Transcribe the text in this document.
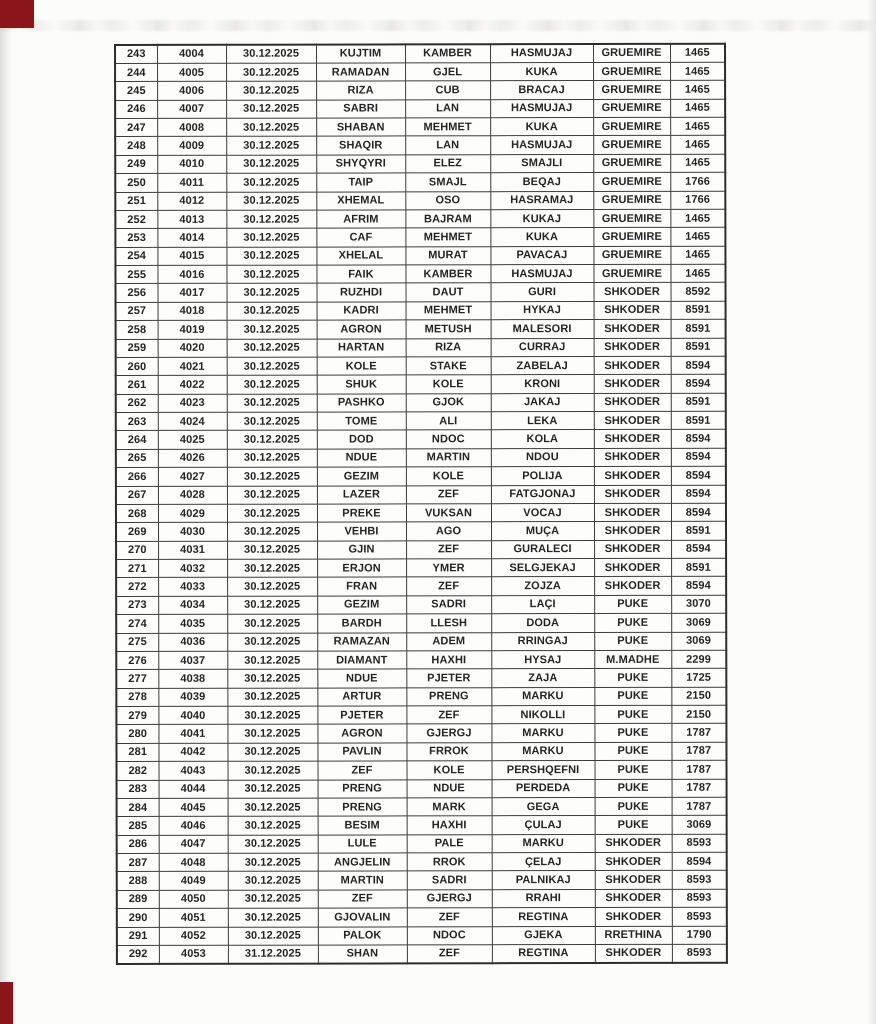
243	4004	30.12.2025	KUJTIM	KAMBER	HASMUJAJ	GRUEMIRE	1465
244	4005	30.12.2025	RAMADAN	GJEL	KUKA	GRUEMIRE	1465
245	4006	30.12.2025	RIZA	CUB	BRACAJ	GRUEMIRE	1465
246	4007	30.12.2025	SABRI	LAN	HASMUJAJ	GRUEMIRE	1465
247	4008	30.12.2025	SHABAN	MEHMET	KUKA	GRUEMIRE	1465
248	4009	30.12.2025	SHAQIR	LAN	HASMUJAJ	GRUEMIRE	1465
249	4010	30.12.2025	SHYQYRI	ELEZ	SMAJLI	GRUEMIRE	1465
250	4011	30.12.2025	TAIP	SMAJL	BEQAJ	GRUEMIRE	1766
251	4012	30.12.2025	XHEMAL	OSO	HASRAMAJ	GRUEMIRE	1766
252	4013	30.12.2025	AFRIM	BAJRAM	KUKAJ	GRUEMIRE	1465
253	4014	30.12.2025	CAF	MEHMET	KUKA	GRUEMIRE	1465
254	4015	30.12.2025	XHELAL	MURAT	PAVACAJ	GRUEMIRE	1465
255	4016	30.12.2025	FAIK	KAMBER	HASMUJAJ	GRUEMIRE	1465
256	4017	30.12.2025	RUZHDI	DAUT	GURI	SHKODER	8592
257	4018	30.12.2025	KADRI	MEHMET	HYKAJ	SHKODER	8591
258	4019	30.12.2025	AGRON	METUSH	MALESORI	SHKODER	8591
259	4020	30.12.2025	HARTAN	RIZA	CURRAJ	SHKODER	8591
260	4021	30.12.2025	KOLE	STAKE	ZABELAJ	SHKODER	8594
261	4022	30.12.2025	SHUK	KOLE	KRONI	SHKODER	8594
262	4023	30.12.2025	PASHKO	GJOK	JAKAJ	SHKODER	8591
263	4024	30.12.2025	TOME	ALI	LEKA	SHKODER	8591
264	4025	30.12.2025	DOD	NDOC	KOLA	SHKODER	8594
265	4026	30.12.2025	NDUE	MARTIN	NDOU	SHKODER	8594
266	4027	30.12.2025	GEZIM	KOLE	POLIJA	SHKODER	8594
267	4028	30.12.2025	LAZER	ZEF	FATGJONAJ	SHKODER	8594
268	4029	30.12.2025	PREKE	VUKSAN	VOCAJ	SHKODER	8594
269	4030	30.12.2025	VEHBI	AGO	MUÇA	SHKODER	8591
270	4031	30.12.2025	GJIN	ZEF	GURALECI	SHKODER	8594
271	4032	30.12.2025	ERJON	YMER	SELGJEKAJ	SHKODER	8591
272	4033	30.12.2025	FRAN	ZEF	ZOJZA	SHKODER	8594
273	4034	30.12.2025	GEZIM	SADRI	LAÇI	PUKE	3070
274	4035	30.12.2025	BARDH	LLESH	DODA	PUKE	3069
275	4036	30.12.2025	RAMAZAN	ADEM	RRINGAJ	PUKE	3069
276	4037	30.12.2025	DIAMANT	HAXHI	HYSAJ	M.MADHE	2299
277	4038	30.12.2025	NDUE	PJETER	ZAJA	PUKE	1725
278	4039	30.12.2025	ARTUR	PRENG	MARKU	PUKE	2150
279	4040	30.12.2025	PJETER	ZEF	NIKOLLI	PUKE	2150
280	4041	30.12.2025	AGRON	GJERGJ	MARKU	PUKE	1787
281	4042	30.12.2025	PAVLIN	FRROK	MARKU	PUKE	1787
282	4043	30.12.2025	ZEF	KOLE	PERSHQEFNI	PUKE	1787
283	4044	30.12.2025	PRENG	NDUE	PERDEDA	PUKE	1787
284	4045	30.12.2025	PRENG	MARK	GEGA	PUKE	1787
285	4046	30.12.2025	BESIM	HAXHI	ÇULAJ	PUKE	3069
286	4047	30.12.2025	LULE	PALE	MARKU	SHKODER	8593
287	4048	30.12.2025	ANGJELIN	RROK	ÇELAJ	SHKODER	8594
288	4049	30.12.2025	MARTIN	SADRI	PALNIKAJ	SHKODER	8593
289	4050	30.12.2025	ZEF	GJERGJ	RRAHI	SHKODER	8593
290	4051	30.12.2025	GJOVALIN	ZEF	REGTINA	SHKODER	8593
291	4052	30.12.2025	PALOK	NDOC	GJEKA	RRETHINA	1790
292	4053	31.12.2025	SHAN	ZEF	REGTINA	SHKODER	8593
